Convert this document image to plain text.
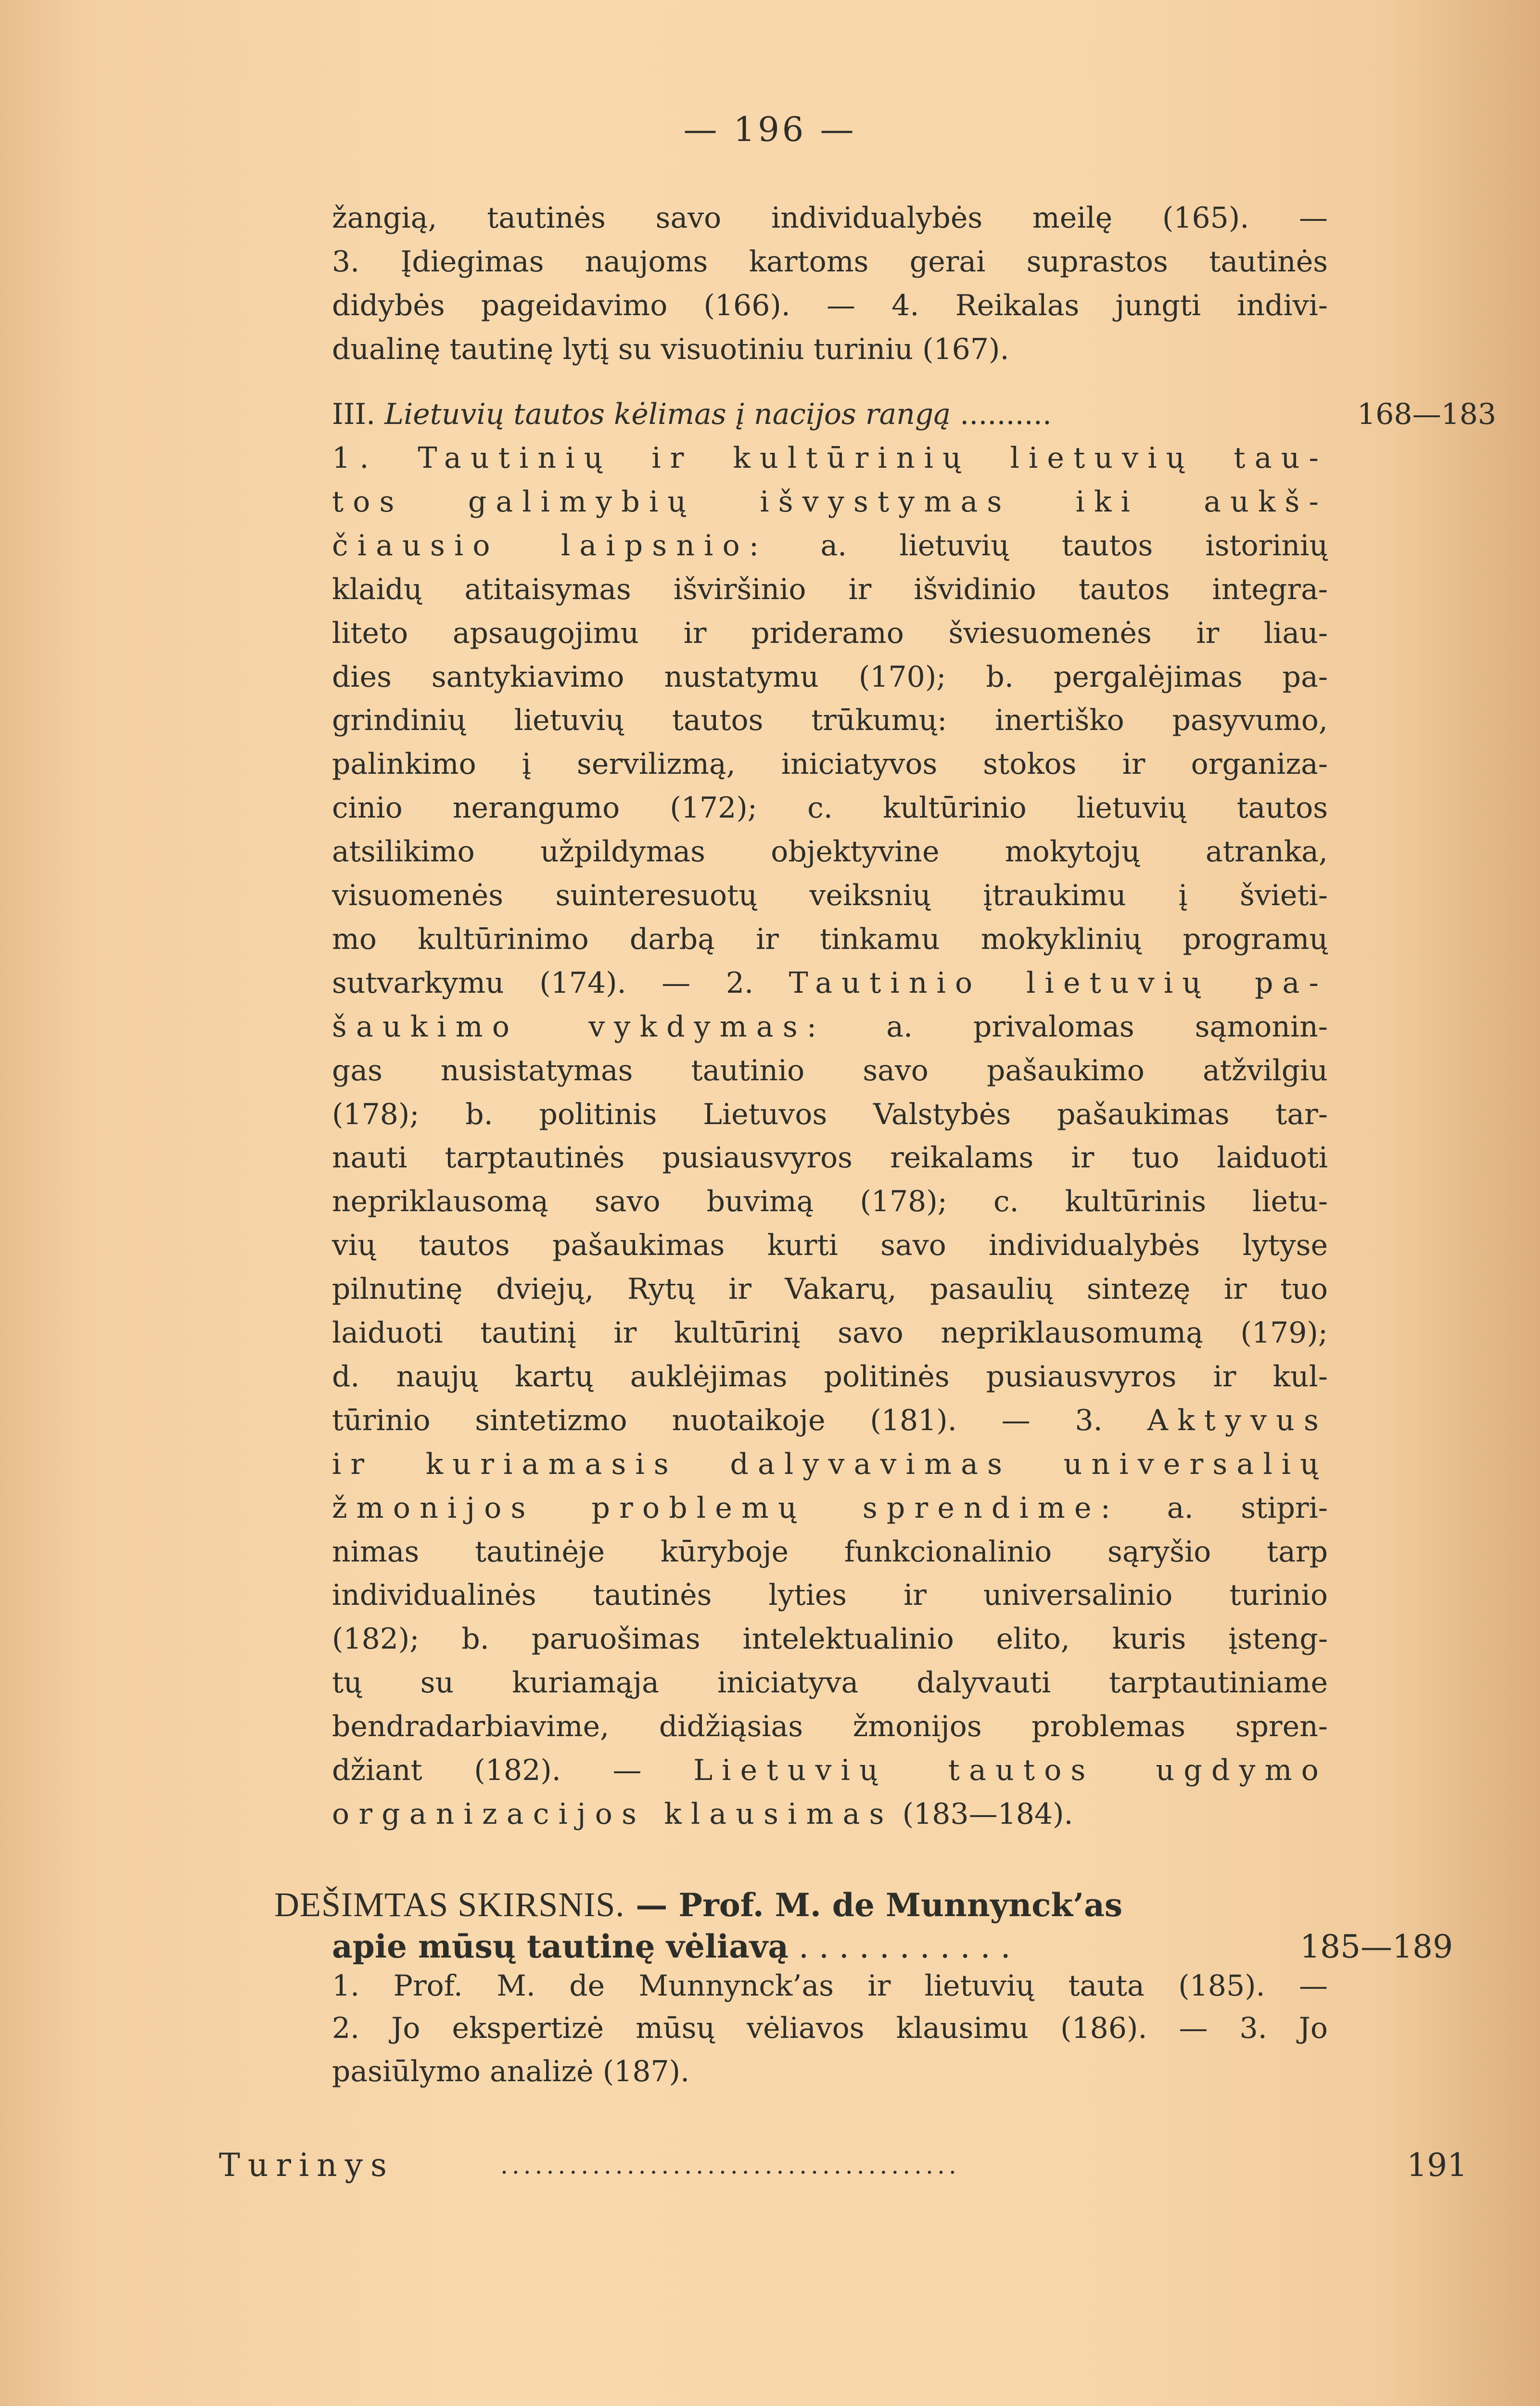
— 196 —
žangią, tautinės savo individualybės meilę (165). —
3. Įdiegimas naujoms kartoms gerai suprastos tautinės
didybės pageidavimo (166). — 4. Reikalas jungti indivi-
dualinę tautinę lytį su visuotiniu turiniu (167).
III. Lietuvių tautos kėlimas į nacijos rangą ..........	168—183
1. Tautinių ir kultūrinių lietuvių tau-
tos galimybių išvystymas iki aukš-
čiausio laipsnio: a. lietuvių tautos istorinių
klaidų atitaisymas išviršinio ir išvidinio tautos integra-
liteto apsaugojimu ir prideramo šviesuomenės ir liau-
dies santykiavimo nustatymu (170); b. pergalėjimas pa-
grindinių lietuvių tautos trūkumų: inertiško pasyvumo,
palinkimo į servilizmą, iniciatyvos stokos ir organiza-
cinio nerangumo (172); c. kultūrinio lietuvių tautos
atsilikimo užpildymas objektyvine mokytojų atranka,
visuomenės suinteresuotų veiksnių įtraukimu į švieti-
mo kultūrinimo darbą ir tinkamu mokyklinių programų
sutvarkymu (174). — 2. Tautinio lietuvių pa-
šaukimo vykdymas: a. privalomas sąmonin-
gas nusistatymas tautinio savo pašaukimo atžvilgiu
(178); b. politinis Lietuvos Valstybės pašaukimas tar-
nauti tarptautinės pusiausvyros reikalams ir tuo laiduoti
nepriklausomą savo buvimą (178); c. kultūrinis lietu-
vių tautos pašaukimas kurti savo individualybės lytyse
pilnutinę dviejų, Rytų ir Vakarų, pasaulių sintezę ir tuo
laiduoti tautinį ir kultūrinį savo nepriklausomumą (179);
d. naujų kartų auklėjimas politinės pusiausvyros ir kul-
tūrinio sintetizmo nuotaikoje (181). — 3. Aktyvus
ir kuriamasis dalyvavimas universalių
žmonijos problemų sprendime: a. stipri-
nimas tautinėje kūryboje funkcionalinio sąryšio tarp
individualinės tautinės lyties ir universalinio turinio
(182); b. paruošimas intelektualinio elito, kuris įsteng-
tų su kuriamąja iniciatyva dalyvauti tarptautiniame
bendradarbiavime, didžiąsias žmonijos problemas spren-
džiant (182). — Lietuvių tautos ugdymo
organizacijos klausimas (183—184).
DEŠIMTAS SKIRSNIS. — Prof. M. de Munnynck’as
apie mūsų tautinę vėliavą . . . . . . . . . . .	185—189
1. Prof. M. de Munnynck’as ir lietuvių tauta (185). —
2. Jo ekspertizė mūsų vėliavos klausimu (186). — 3. Jo
pasiūlymo analizė (187).
Turinys	........................................	191
